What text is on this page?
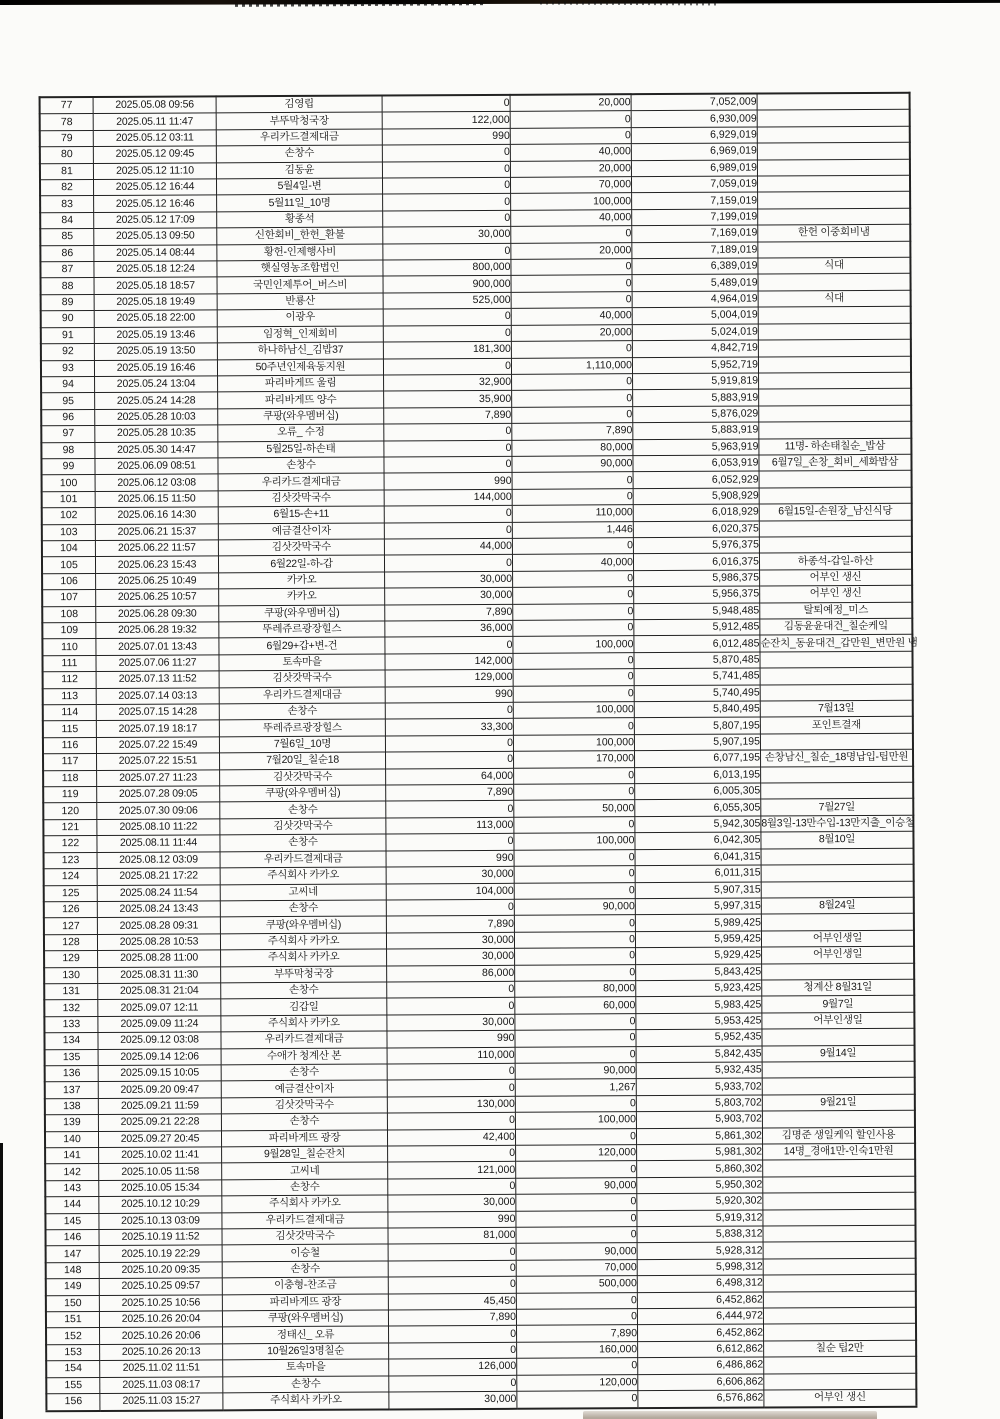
77	2025.05.08 09:56	김영립	0	20,000	7,052,009	
78	2025.05.11 11:47	부뚜막청국장	122,000	0	6,930,009	
79	2025.05.12 03:11	우리카드결제대금	990	0	6,929,019	
80	2025.05.12 09:45	손창수	0	40,000	6,969,019	
81	2025.05.12 11:10	김동윤	0	20,000	6,989,019	
82	2025.05.12 16:44	5월4일-변	0	70,000	7,059,019	
83	2025.05.12 16:46	5월11일_10명	0	100,000	7,159,019	
84	2025.05.12 17:09	황종석	0	40,000	7,199,019	
85	2025.05.13 09:50	신한회비_한헌_환불	30,000	0	7,169,019	한헌 이중회비냄
86	2025.05.14 08:44	황헌-인제행사비	0	20,000	7,189,019	
87	2025.05.18 12:24	햇실영농조합법인	800,000	0	6,389,019	식대
88	2025.05.18 18:57	국민인제투어_버스비	900,000	0	5,489,019	
89	2025.05.18 19:49	반룡산	525,000	0	4,964,019	식대
90	2025.05.18 22:00	이광우	0	40,000	5,004,019	
91	2025.05.19 13:46	임정혁_인제회비	0	20,000	5,024,019	
92	2025.05.19 13:50	하나하남신_김밥37	181,300	0	4,842,719	
93	2025.05.19 16:46	50주년인제육동지원	0	1,110,000	5,952,719	
94	2025.05.24 13:04	파리바게뜨 울림	32,900	0	5,919,819	
95	2025.05.24 14:28	파리바게뜨 양수	35,900	0	5,883,919	
96	2025.05.28 10:03	쿠팡(와우멤버십)	7,890	0	5,876,029	
97	2025.05.28 10:35	오류_ 수정	0	7,890	5,883,919	
98	2025.05.30 14:47	5월25일-하손태	0	80,000	5,963,919	11명- 하손태칠순_밥삼
99	2025.06.09 08:51	손창수	0	90,000	6,053,919	6월7일_손창_회비_세화밥삼
100	2025.06.12 03:08	우리카드결제대금	990	0	6,052,929	
101	2025.06.15 11:50	김삿갓막국수	144,000	0	5,908,929	
102	2025.06.16 14:30	6월15-손+11	0	110,000	6,018,929	6월15일-손원장_남신식당
103	2025.06.21 15:37	예금결산이자	0	1,446	6,020,375	
104	2025.06.22 11:57	김삿갓막국수	44,000	0	5,976,375	
105	2025.06.23 15:43	6월22일-하-갑	0	40,000	6,016,375	하종석-갑일-하산
106	2025.06.25 10:49	카카오	30,000	0	5,986,375	어부인 생신
107	2025.06.25 10:57	카카오	30,000	0	5,956,375	어부인 생신
108	2025.06.28 09:30	쿠팡(와우멤버십)	7,890	0	5,948,485	탈퇴예정_미스
109	2025.06.28 19:32	뚜레쥬르광장힐스	36,000	0	5,912,485	김동윤윤대건_칠순케잌
110	2025.07.01 13:43	6월29+갑+변-건	0	100,000	6,012,485	순잔치_동윤대건_갑만원_변만원 냄
111	2025.07.06 11:27	토속마을	142,000	0	5,870,485	
112	2025.07.13 11:52	김삿갓막국수	129,000	0	5,741,485	
113	2025.07.14 03:13	우리카드결제대금	990	0	5,740,495	
114	2025.07.15 14:28	손창수	0	100,000	5,840,495	7월13일
115	2025.07.19 18:17	뚜레쥬르광장힐스	33,300	0	5,807,195	포인트결재
116	2025.07.22 15:49	7월6일_10명	0	100,000	5,907,195	
117	2025.07.22 15:51	7월20일_칠순18	0	170,000	6,077,195	손창남신_칠순_18명납입-팁만원
118	2025.07.27 11:23	김삿갓막국수	64,000	0	6,013,195	
119	2025.07.28 09:05	쿠팡(와우멤버십)	7,890	0	6,005,305	
120	2025.07.30 09:06	손창수	0	50,000	6,055,305	7월27일
121	2025.08.10 11:22	김삿갓막국수	113,000	0	5,942,305	8월3일-13만수입-13만지출_이승철
122	2025.08.11 11:44	손창수	0	100,000	6,042,305	8월10일
123	2025.08.12 03:09	우리카드결제대금	990	0	6,041,315	
124	2025.08.21 17:22	주식회사 카카오	30,000	0	6,011,315	
125	2025.08.24 11:54	고씨네	104,000	0	5,907,315	
126	2025.08.24 13:43	손창수	0	90,000	5,997,315	8월24일
127	2025.08.28 09:31	쿠팡(와우멤버십)	7,890	0	5,989,425	
128	2025.08.28 10:53	주식회사 카카오	30,000	0	5,959,425	어부인생일
129	2025.08.28 11:00	주식회사 카카오	30,000	0	5,929,425	어부인생일
130	2025.08.31 11:30	부뚜막청국장	86,000	0	5,843,425	
131	2025.08.31 21:04	손창수	0	80,000	5,923,425	청계산 8월31일
132	2025.09.07 12:11	김갑일	0	60,000	5,983,425	9월7일
133	2025.09.09 11:24	주식회사 카카오	30,000	0	5,953,425	어부인생일
134	2025.09.12 03:08	우리카드결제대금	990	0	5,952,435	
135	2025.09.14 12:06	수애가 청계산 본	110,000	0	5,842,435	9월14일
136	2025.09.15 10:05	손창수	0	90,000	5,932,435	
137	2025.09.20 09:47	예금결산이자	0	1,267	5,933,702	
138	2025.09.21 11:59	김삿갓막국수	130,000	0	5,803,702	9월21일
139	2025.09.21 22:28	손창수	0	100,000	5,903,702	
140	2025.09.27 20:45	파리바게뜨 광장	42,400	0	5,861,302	김명준 생일케익 할인사용
141	2025.10.02 11:41	9월28일_칠순잔치	0	120,000	5,981,302	14명_경애1만-인숙1만원
142	2025.10.05 11:58	고씨네	121,000	0	5,860,302	
143	2025.10.05 15:34	손창수	0	90,000	5,950,302	
144	2025.10.12 10:29	주식회사 카카오	30,000	0	5,920,302	
145	2025.10.13 03:09	우리카드결제대금	990	0	5,919,312	
146	2025.10.19 11:52	김삿갓막국수	81,000	0	5,838,312	
147	2025.10.19 22:29	이승철	0	90,000	5,928,312	
148	2025.10.20 09:35	손창수	0	70,000	5,998,312	
149	2025.10.25 09:57	이충형-찬조금	0	500,000	6,498,312	
150	2025.10.25 10:56	파리바게뜨 광장	45,450	0	6,452,862	
151	2025.10.26 20:04	쿠팡(와우멤버십)	7,890	0	6,444,972	
152	2025.10.26 20:06	정태신_ 오류	0	7,890	6,452,862	
153	2025.10.26 20:13	10월26일3명칠순	0	160,000	6,612,862	칠순 팁2만
154	2025.11.02 11:51	토속마을	126,000	0	6,486,862	
155	2025.11.03 08:17	손창수	0	120,000	6,606,862	
156	2025.11.03 15:27	주식회사 카카오	30,000	0	6,576,862	어부인 생신
